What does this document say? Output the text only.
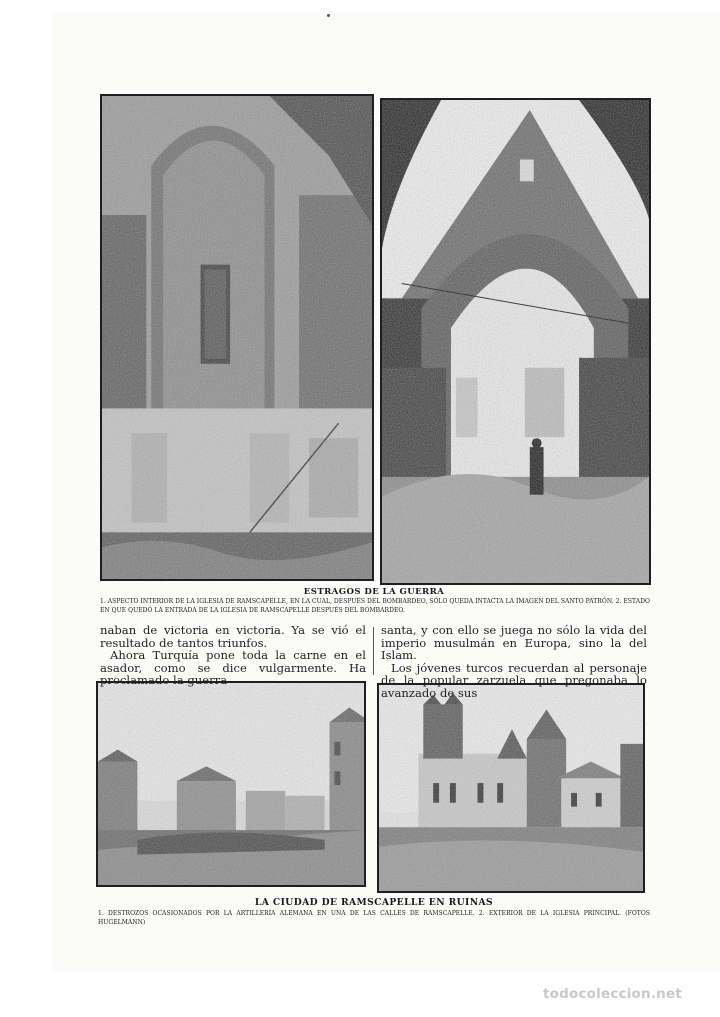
ESTRAGOS DE LA GUERRA
1. ASPECTO INTERIOR DE LA IGLESIA DE RAMSCAPELLE, EN LA CUAL, DESPUÉS DEL BOMBARDEO, SÓLO QUEDA INTACTA LA IMAGEN DEL SANTO PATRÓN. 2. ESTADO EN QUE QUEDÓ LA ENTRADA DE LA IGLESIA DE RAMSCAPELLE DESPUÉS DEL BOMBARDEO.

naban de victoria en victoria. Ya se vió el resultado de tantos triunfos.

Ahora Turquía pone toda la carne en el asador, como se dice vulgarmente. Ha proclamado la guerra

santa, y con ello se juega no sólo la vida del imperio musulmán en Europa, sino la del Islam.

Los jóvenes turcos recuerdan al personaje de la popular zarzuela que pregonaba lo avanzado de sus

LA CIUDAD DE RAMSCAPELLE EN RUINAS
1. DESTROZOS OCASIONADOS POR LA ARTILLERÍA ALEMANA EN UNA DE LAS CALLES DE RAMSCAPELLE. 2. EXTERIOR DE LA IGLESIA PRINCIPAL. (FOTOS HUGELMANN)
todocoleccion.net
